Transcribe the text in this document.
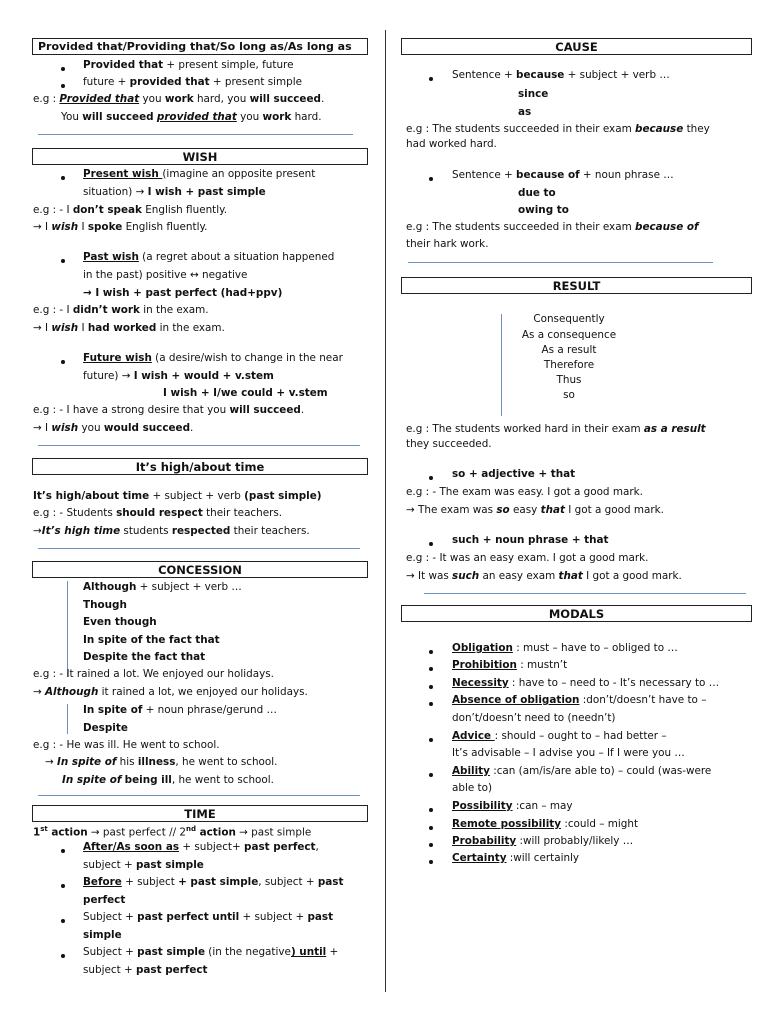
Provided that/Providing that/So long as/As long as
Provided that + present simple, future
future + provided that + present simple
e.g : Provided that you work hard, you will succeed.
You will succeed provided that you work hard.
WISH
Present wish (imagine an opposite present
situation) → I wish + past simple
e.g : - I don’t speak English fluently.
→ I wish I spoke English fluently.
Past wish (a regret about a situation happened
in the past) positive ↔ negative
→ I wish + past perfect (had+ppv)
e.g : - I didn’t work in the exam.
→ I wish I had worked in the exam.
Future wish (a desire/wish to change in the near
future) → I wish + would + v.stem
I wish + I/we could + v.stem
e.g : - I have a strong desire that you will succeed.
→ I wish you would succeed.
It’s high/about time
It’s high/about time + subject + verb (past simple)
e.g : - Students should respect their teachers.
→It’s high time students respected their teachers.
CONCESSION
Although + subject + verb …
Though
Even though
In spite of the fact that
Despite the fact that
e.g : - It rained a lot. We enjoyed our holidays.
→ Although it rained a lot, we enjoyed our holidays.
In spite of + noun phrase/gerund …
Despite
e.g : - He was ill. He went to school.
→ In spite of his illness, he went to school.
In spite of being ill, he went to school.
TIME
1st action → past perfect // 2nd action → past simple
After/As soon as + subject+ past perfect,
subject + past simple
Before + subject + past simple, subject + past
perfect
Subject + past perfect until + subject + past
simple
Subject + past simple (in the negative) until +
subject + past perfect
CAUSE
Sentence + because + subject + verb …
since
as
e.g : The students succeeded in their exam because they
had worked hard.
Sentence + because of + noun phrase …
due to
owing to
e.g : The students succeeded in their exam because of
their hark work.
RESULT
Consequently
As a consequence
As a result
Therefore
Thus
so
e.g : The students worked hard in their exam as a result
they succeeded.
so + adjective + that
e.g : - The exam was easy. I got a good mark.
→ The exam was so easy that I got a good mark.
such + noun phrase + that
e.g : - It was an easy exam. I got a good mark.
→ It was such an easy exam that I got a good mark.
MODALS
Obligation : must – have to – obliged to …
Prohibition : mustn’t
Necessity : have to – need to - It’s necessary to …
Absence of obligation :don’t/doesn’t have to –
don’t/doesn’t need to (needn’t)
Advice : should – ought to – had better –
It’s advisable – I advise you – If I were you …
Ability :can (am/is/are able to) – could (was-were
able to)
Possibility :can – may
Remote possibility :could – might
Probability :will probably/likely …
Certainty :will certainly
